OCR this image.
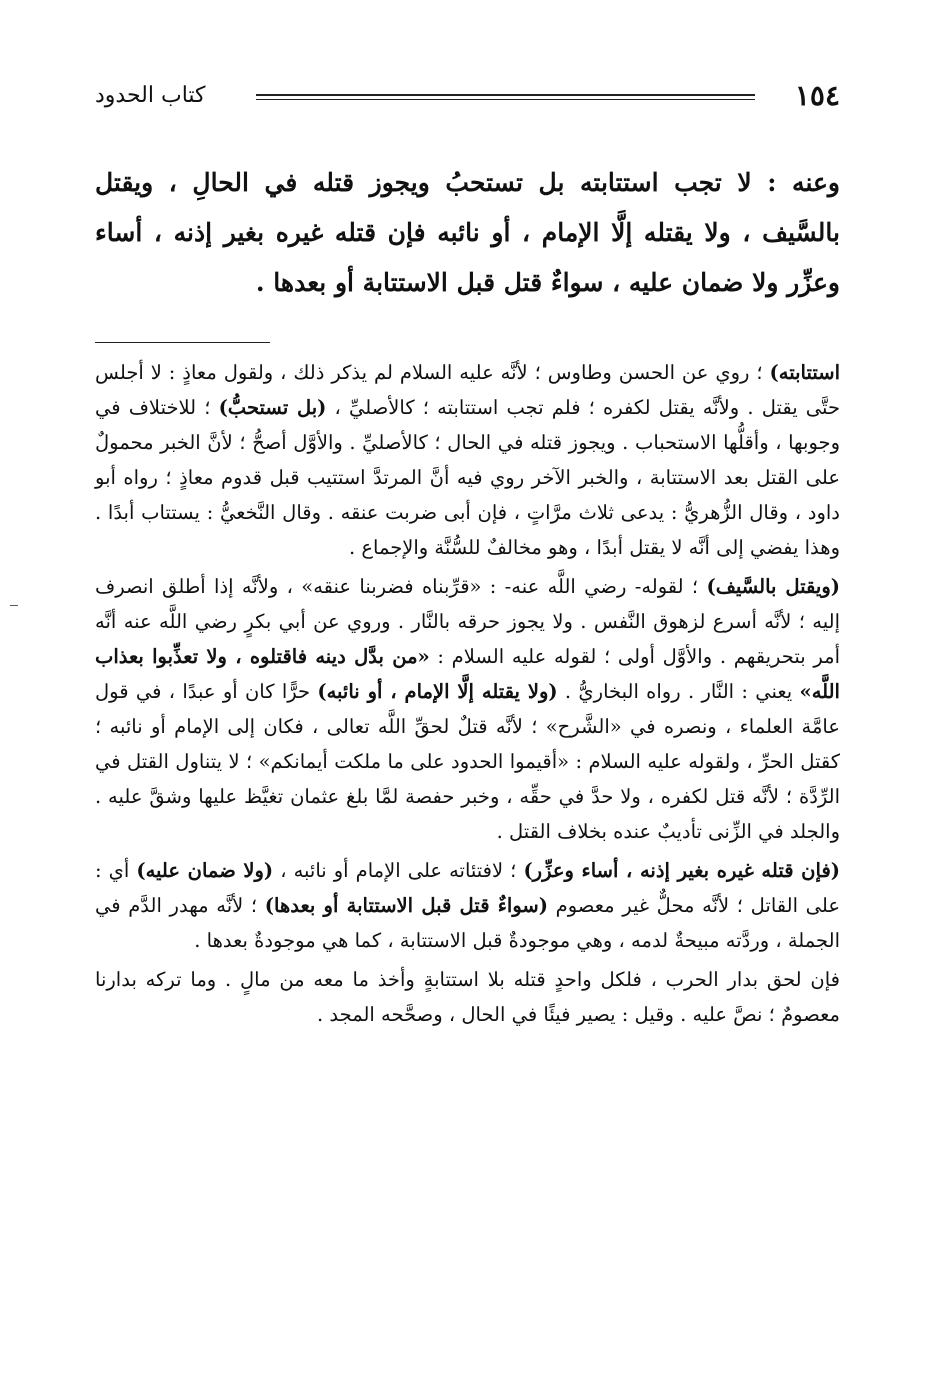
١٥٤
كتاب الحدود

وعنه : لا تجب استتابته بل تستحبُ ويجوز قتله في الحالِ ، ويقتل بالسَّيف ، ولا يقتله إلَّا الإمام ، أو نائبه فإن قتله غيره بغير إذنه ، أساء وعزِّر ولا ضمان عليه ، سواءٌ قتل قبل الاستتابة أو بعدها .

استتابته) ؛ روي عن الحسن وطاوس ؛ لأنَّه عليه السلام لم يذكر ذلك ، ولقول معاذٍ : لا أجلس حتَّى يقتل . ولأنَّه يقتل لكفره ؛ فلم تجب استتابته ؛ كالأصليِّ ، (بل تستحبُّ) ؛ للاختلاف في وجوبها ، وأقلُّها الاستحباب . ويجوز قتله في الحال ؛ كالأصليِّ . والأوَّل أصحُّ ؛ لأنَّ الخبر محمولٌ على القتل بعد الاستتابة ، والخبر الآخر روي فيه أنَّ المرتدَّ استتيب قبل قدوم معاذٍ ؛ رواه أبو داود ، وقال الزُّهريُّ : يدعى ثلاث مرَّاتٍ ، فإن أبى ضربت عنقه . وقال النَّخعيُّ : يستتاب أبدًا . وهذا يفضي إلى أنَّه لا يقتل أبدًا ، وهو مخالفٌ للسُّنَّة والإجماع .

(ويقتل بالسَّيف) ؛ لقوله- رضي اللَّه عنه- : «قرِّبناه فضربنا عنقه» ، ولأنَّه إذا أطلق انصرف إليه ؛ لأنَّه أسرع لزهوق النَّفس . ولا يجوز حرقه بالنَّار . وروي عن أبي بكرٍ رضي اللَّه عنه أنَّه أمر بتحريقهم . والأوَّل أولى ؛ لقوله عليه السلام : «من بدَّل دينه فاقتلوه ، ولا تعذِّبوا بعذاب اللَّه» يعني : النَّار . رواه البخاريُّ . (ولا يقتله إلَّا الإمام ، أو نائبه) حرًّا كان أو عبدًا ، في قول عامَّة العلماء ، ونصره في «الشَّرح» ؛ لأنَّه قتلٌ لحقِّ اللَّه تعالى ، فكان إلى الإمام أو نائبه ؛ كقتل الحرِّ ، ولقوله عليه السلام : «أقيموا الحدود على ما ملكت أيمانكم» ؛ لا يتناول القتل في الرِّدَّة ؛ لأنَّه قتل لكفره ، ولا حدَّ في حقِّه ، وخبر حفصة لمَّا بلغ عثمان تغيَّظ عليها وشقَّ عليه . والجلد في الزِّنى تأديبٌ عنده بخلاف القتل .

(فإن قتله غيره بغير إذنه ، أساء وعزِّر) ؛ لافتئاته على الإمام أو نائبه ، (ولا ضمان عليه) أي : على القاتل ؛ لأنَّه محلٌّ غير معصوم (سواءٌ قتل قبل الاستتابة أو بعدها) ؛ لأنَّه مهدر الدَّم في الجملة ، وردَّته مبيحةٌ لدمه ، وهي موجودةٌ قبل الاستتابة ، كما هي موجودةٌ بعدها .

فإن لحق بدار الحرب ، فلكل واحدٍ قتله بلا استتابةٍ وأخذ ما معه من مالٍ . وما تركه بدارنا معصومٌ ؛ نصَّ عليه . وقيل : يصير فيئًا في الحال ، وصحَّحه المجد .
